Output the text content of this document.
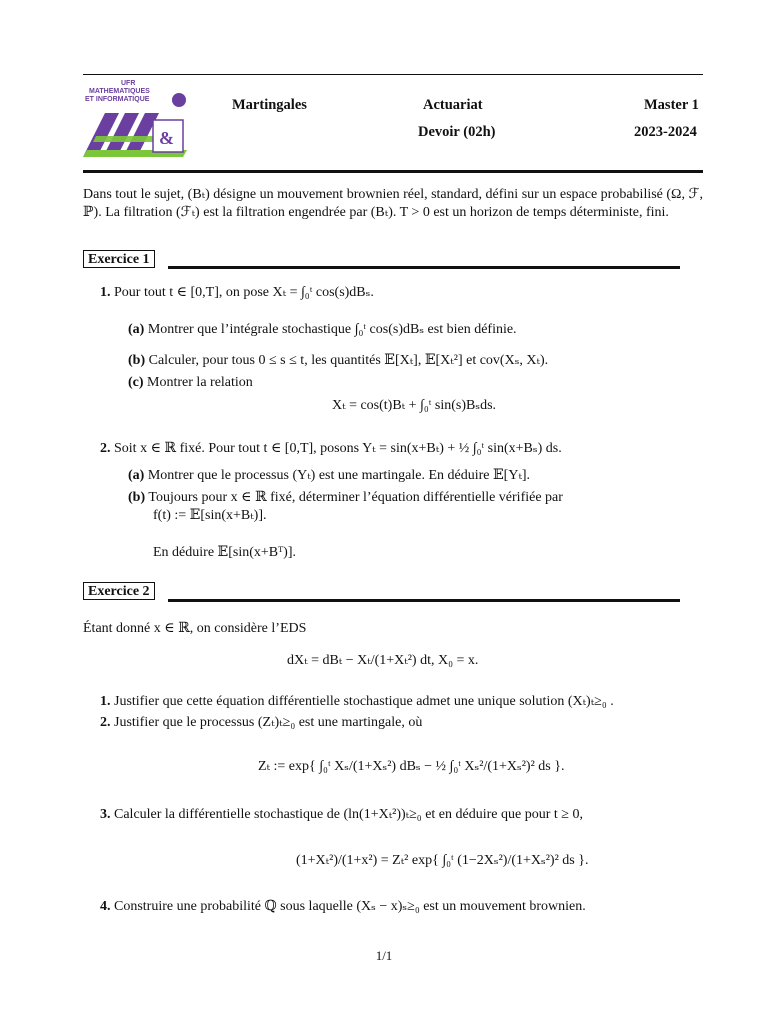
UFR
MATHEMATIQUES
ET INFORMATIQUE
&
Martingales	Actuariat	Master 1
Devoir (02h)	2023-2024
Dans tout le sujet, (Bₜ) désigne un mouvement brownien réel, standard, défini sur un espace probabilisé (Ω, ℱ, ℙ). La filtration (ℱₜ) est la filtration engendrée par (Bₜ). T > 0 est un horizon de temps déterministe, fini.
Exercice 1
1. Pour tout t ∈ [0,T], on pose Xₜ = ∫₀ᵗ cos(s)dBₛ.
(a) Montrer que l’intégrale stochastique ∫₀ᵗ cos(s)dBₛ est bien définie.
(b) Calculer, pour tous 0 ≤ s ≤ t, les quantités 𝔼[Xₜ], 𝔼[Xₜ²] et cov(Xₛ, Xₜ).
(c) Montrer la relation
Xₜ = cos(t)Bₜ + ∫₀ᵗ sin(s)Bₛds.
2. Soit x ∈ ℝ fixé. Pour tout t ∈ [0,T], posons Yₜ = sin(x+Bₜ) + ½ ∫₀ᵗ sin(x+Bₛ) ds.
(a) Montrer que le processus (Yₜ) est une martingale. En déduire 𝔼[Yₜ].
(b) Toujours pour x ∈ ℝ fixé, déterminer l’équation différentielle vérifiée par
f(t) := 𝔼[sin(x+Bₜ)].
En déduire 𝔼[sin(x+Bᵀ)].
Exercice 2
Étant donné x ∈ ℝ, on considère l’EDS
dXₜ = dBₜ − Xₜ/(1+Xₜ²) dt, X₀ = x.
1. Justifier que cette équation différentielle stochastique admet une unique solution (Xₜ)ₜ≥₀ .
2. Justifier que le processus (Zₜ)ₜ≥₀ est une martingale, où
Zₜ := exp{ ∫₀ᵗ Xₛ/(1+Xₛ²) dBₛ − ½ ∫₀ᵗ Xₛ²/(1+Xₛ²)² ds }.
3. Calculer la différentielle stochastique de (ln(1+Xₜ²))ₜ≥₀ et en déduire que pour t ≥ 0,
(1+Xₜ²)/(1+x²) = Zₜ² exp{ ∫₀ᵗ (1−2Xₛ²)/(1+Xₛ²)² ds }.
4. Construire une probabilité ℚ sous laquelle (Xₛ − x)ₛ≥₀ est un mouvement brownien.
1/1
